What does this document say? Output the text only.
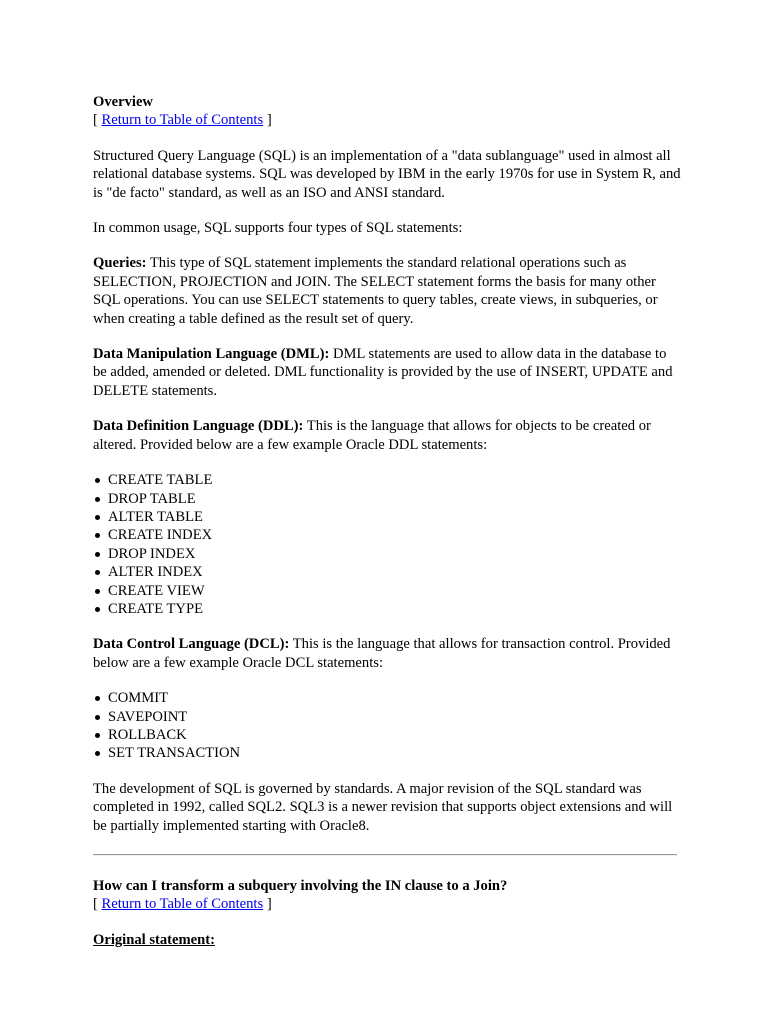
Overview

[ Return to Table of Contents ]

Structured Query Language (SQL) is an implementation of a "data sublanguage" used in almost all relational database systems. SQL was developed by IBM in the early 1970s for use in System R, and is "de facto" standard, as well as an ISO and ANSI standard.

In common usage, SQL supports four types of SQL statements:

Queries: This type of SQL statement implements the standard relational operations such as SELECTION, PROJECTION and JOIN. The SELECT statement forms the basis for many other SQL operations. You can use SELECT statements to query tables, create views, in subqueries, or when creating a table defined as the result set of query.

Data Manipulation Language (DML): DML statements are used to allow data in the database to be added, amended or deleted. DML functionality is provided by the use of INSERT, UPDATE and DELETE statements.

Data Definition Language (DDL): This is the language that allows for objects to be created or altered. Provided below are a few example Oracle DDL statements:

CREATE TABLE
DROP TABLE
ALTER TABLE
CREATE INDEX
DROP INDEX
ALTER INDEX
CREATE VIEW
CREATE TYPE

Data Control Language (DCL): This is the language that allows for transaction control. Provided below are a few example Oracle DCL statements:

COMMIT
SAVEPOINT
ROLLBACK
SET TRANSACTION

The development of SQL is governed by standards. A major revision of the SQL standard was completed in 1992, called SQL2. SQL3 is a newer revision that supports object extensions and will be partially implemented starting with Oracle8.

How can I transform a subquery involving the IN clause to a Join?

[ Return to Table of Contents ]

Original statement:
